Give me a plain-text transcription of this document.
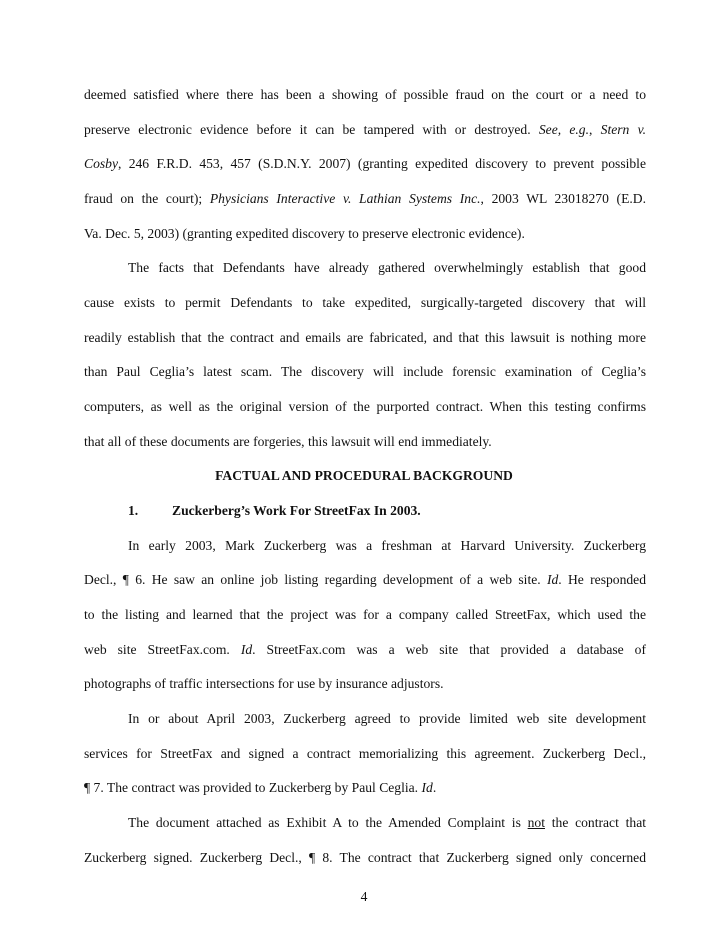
deemed satisfied where there has been a showing of possible fraud on the court or a need to
preserve electronic evidence before it can be tampered with or destroyed. See, e.g., Stern v.
Cosby, 246 F.R.D. 453, 457 (S.D.N.Y. 2007) (granting expedited discovery to prevent possible
fraud on the court); Physicians Interactive v. Lathian Systems Inc., 2003 WL 23018270 (E.D.
Va. Dec. 5, 2003) (granting expedited discovery to preserve electronic evidence).
The facts that Defendants have already gathered overwhelmingly establish that good
cause exists to permit Defendants to take expedited, surgically-targeted discovery that will
readily establish that the contract and emails are fabricated, and that this lawsuit is nothing more
than Paul Ceglia’s latest scam. The discovery will include forensic examination of Ceglia’s
computers, as well as the original version of the purported contract. When this testing confirms
that all of these documents are forgeries, this lawsuit will end immediately.
FACTUAL AND PROCEDURAL BACKGROUND
1. Zuckerberg’s Work For StreetFax In 2003.
In early 2003, Mark Zuckerberg was a freshman at Harvard University. Zuckerberg
Decl., ¶ 6. He saw an online job listing regarding development of a web site. Id. He responded
to the listing and learned that the project was for a company called StreetFax, which used the
web site StreetFax.com. Id. StreetFax.com was a web site that provided a database of
photographs of traffic intersections for use by insurance adjustors.
In or about April 2003, Zuckerberg agreed to provide limited web site development
services for StreetFax and signed a contract memorializing this agreement. Zuckerberg Decl.,
¶ 7. The contract was provided to Zuckerberg by Paul Ceglia. Id.
The document attached as Exhibit A to the Amended Complaint is not the contract that
Zuckerberg signed. Zuckerberg Decl., ¶ 8. The contract that Zuckerberg signed only concerned
4
